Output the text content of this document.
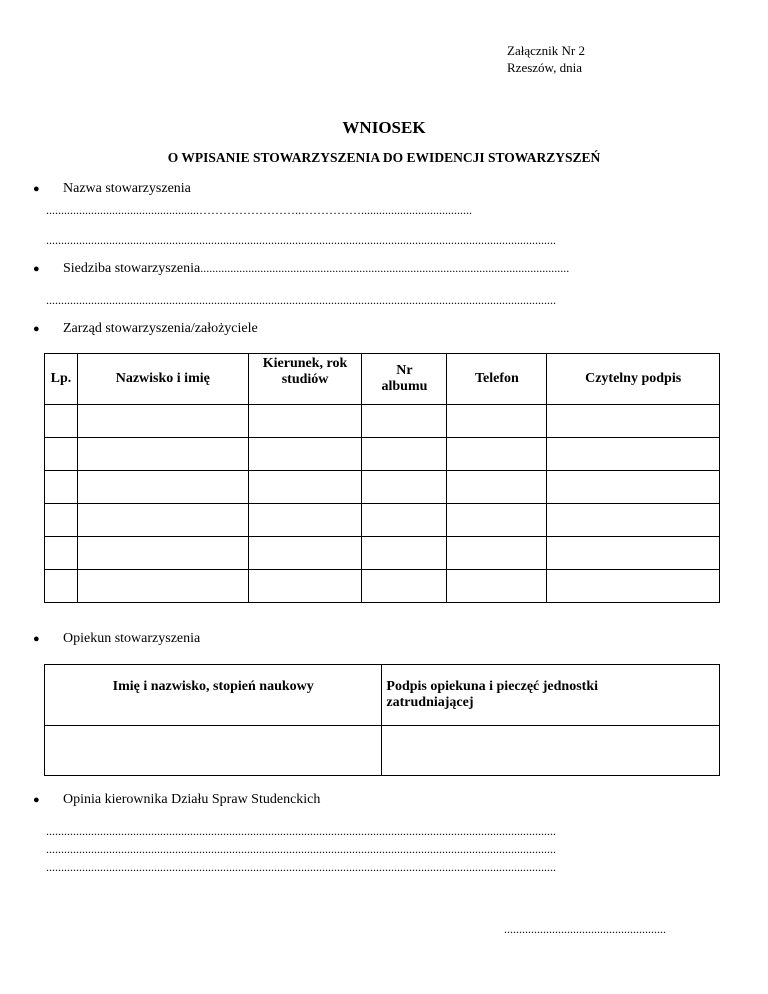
Załącznik Nr 2
Rzeszów, dnia
WNIOSEK
O WPISANIE STOWARZYSZENIA DO EWIDENCJI STOWARZYSZEŃ
● Nazwa stowarzyszenia
...................................................……………………..…………….....................................
..........................................................................................................................................................................
● Siedziba stowarzyszenia...........................................................................................................................
..........................................................................................................................................................................
● Zarząd stowarzyszenia/założyciele
Lp.	Nazwisko i imię	Kierunek, rok studiów	Nr albumu	Telefon	Czytelny podpis

● Opiekun stowarzyszenia
Imię i nazwisko, stopień naukowy	Podpis opiekuna i pieczęć jednostki zatrudniającej

● Opinia kierownika Działu Spraw Studenckich
..........................................................................................................................................................................
..........................................................................................................................................................................
..........................................................................................................................................................................
......................................................
